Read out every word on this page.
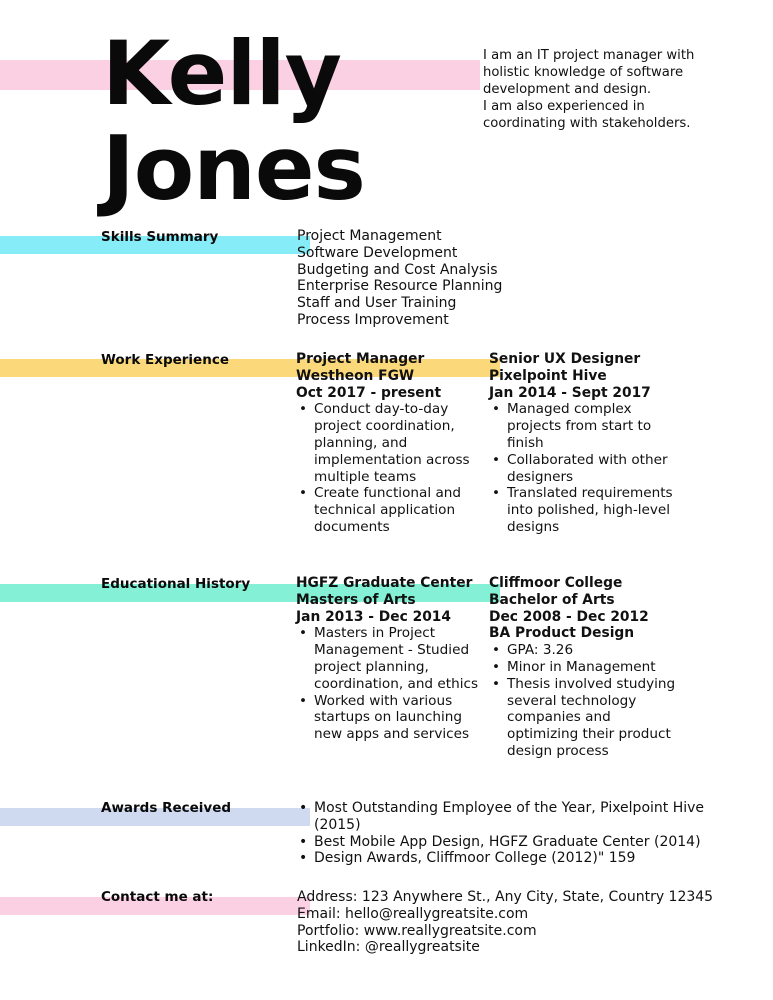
Kelly
Jones

I am an IT project manager with holistic knowledge of software development and design.
I am also experienced in coordinating with stakeholders.

Skills Summary	Project Management
Software Development
Budgeting and Cost Analysis
Enterprise Resource Planning
Staff and User Training
Process Improvement
Work Experience	Project Manager
Westheon FGW
Oct 2017 - present
• Conduct day-to-day project coordination, planning, and implementation across multiple teams
• Create functional and technical application documents
Senior UX Designer
Pixelpoint Hive
Jan 2014 - Sept 2017
• Managed complex projects from start to finish
• Collaborated with other designers
• Translated requirements into polished, high-level designs
Educational History	HGFZ Graduate Center
Masters of Arts
Jan 2013 - Dec 2014
• Masters in Project Management - Studied project planning, coordination, and ethics
• Worked with various startups on launching new apps and services
Cliffmoor College
Bachelor of Arts
Dec 2008 - Dec 2012
BA Product Design
• GPA: 3.26
• Minor in Management
• Thesis involved studying several technology companies and optimizing their product design process
Awards Received
•	Most Outstanding Employee of the Year, Pixelpoint Hive (2015)
• Best Mobile App Design, HGFZ Graduate Center (2014)
• Design Awards, Cliffmoor College (2012)" 159
Contact me at:	Address: 123 Anywhere St., Any City, State, Country 12345
Email: hello@reallygreatsite.com
Portfolio: www.reallygreatsite.com
LinkedIn: @reallygreatsite
